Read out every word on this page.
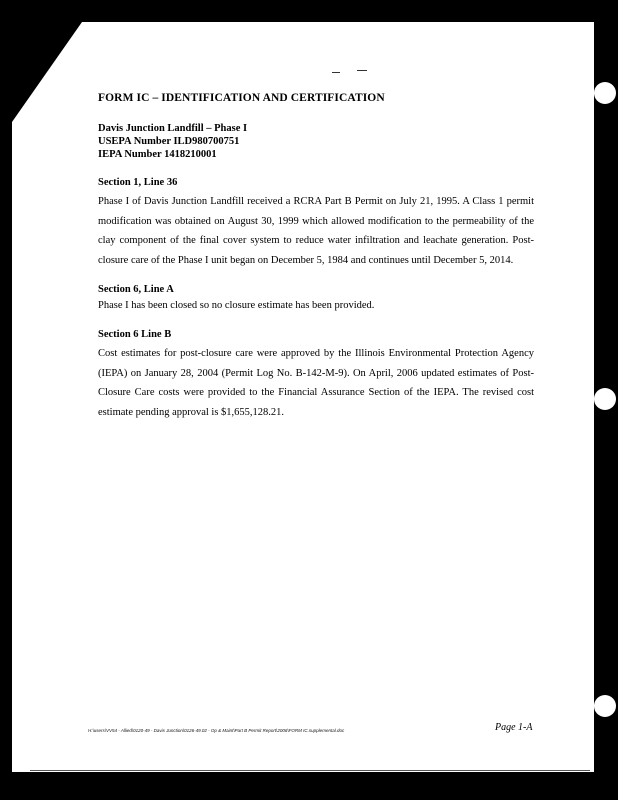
FORM IC – IDENTIFICATION AND CERTIFICATION
Davis Junction Landfill – Phase I
USEPA Number ILD980700751
IEPA Number 1418210001
Section 1, Line 36
Phase I of Davis Junction Landfill received a RCRA Part B Permit on July 21, 1995. A Class 1 permit modification was obtained on August 30, 1999 which allowed modification to the permeability of the clay component of the final cover system to reduce water infiltration and leachate generation. Post-closure care of the Phase I unit began on December 5, 1984 and continues until December 5, 2014.
Section 6, Line A
Phase I has been closed so no closure estimate has been provided.
Section 6 Line B
Cost estimates for post-closure care were approved by the Illinois Environmental Protection Agency (IEPA) on January 28, 2004 (Permit Log No. B-142-M-9). On April, 2006 updated estimates of Post-Closure Care costs were provided to the Financial Assurance Section of the IEPA. The revised cost estimate pending approval is $1,655,128.21.
H:\users\VV54 - Allied\0120-49 - Davis Junction\0126-49.02 - Op & Maint\Part B Permit Report\2006\FORM IC.supplemental.doc	Page 1-A
